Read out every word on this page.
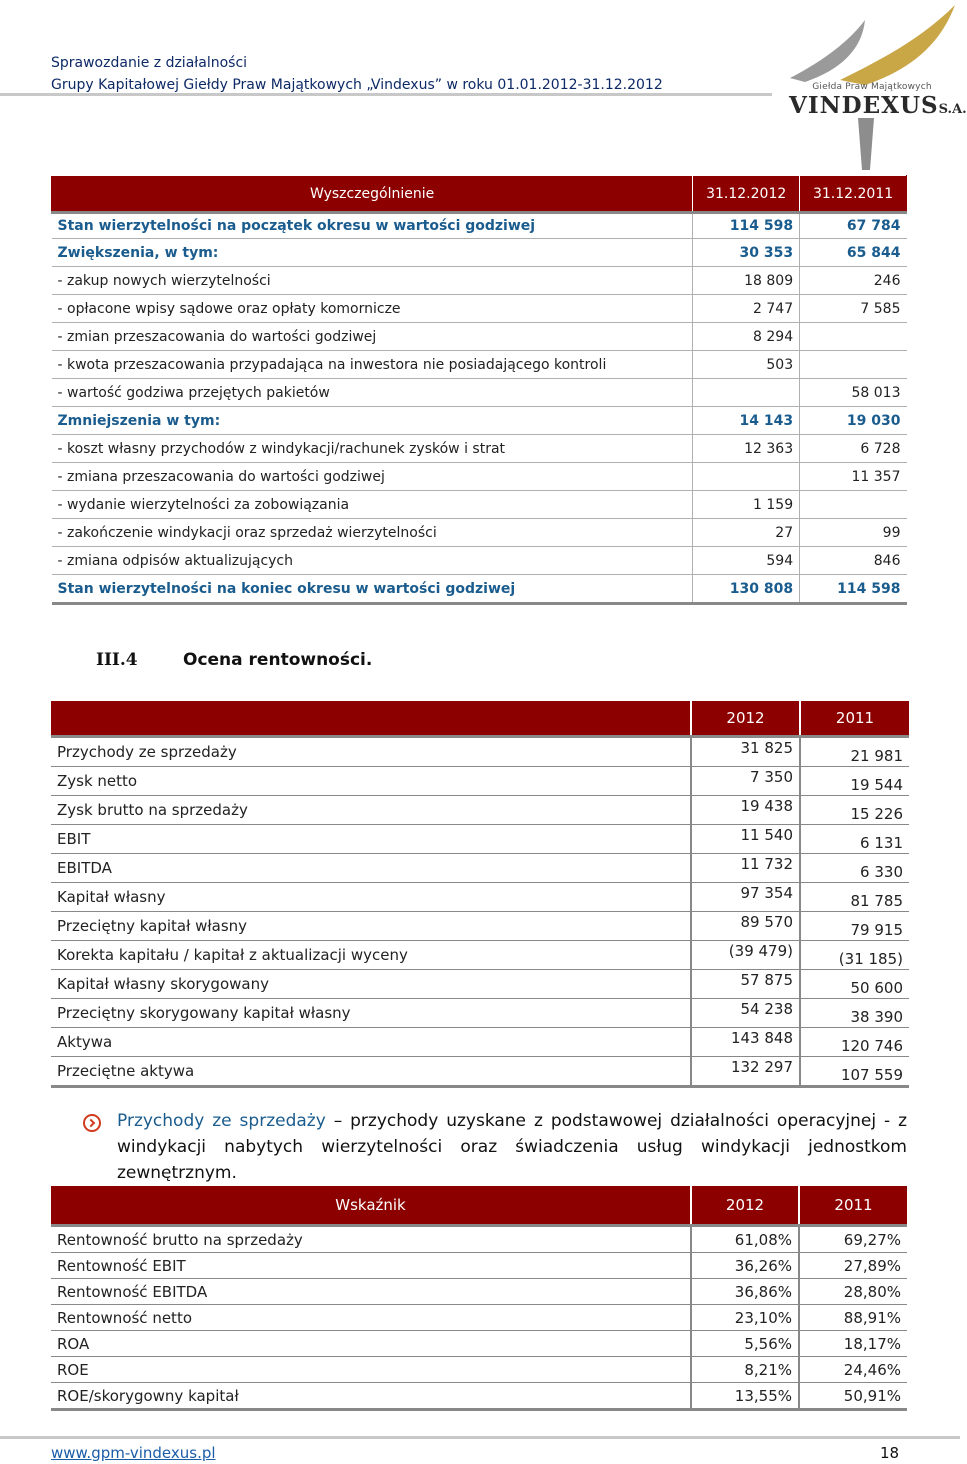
Sprawozdanie z działalności
Grupy Kapitałowej Giełdy Praw Majątkowych „Vindexus” w roku 01.01.2012-31.12.2012	Giełda Praw Majątkowych
VINDEXUSS.A.
Wyszczególnienie	31.12.2012	31.12.2011
Stan wierzytelności na początek okresu w wartości godziwej	114 598	67 784
Zwiększenia, w tym:	30 353	65 844
- zakup nowych wierzytelności	18 809	246
- opłacone wpisy sądowe oraz opłaty komornicze	2 747	7 585
- zmian przeszacowania do wartości godziwej	8 294	
- kwota przeszacowania przypadająca na inwestora nie posiadającego kontroli	503	
- wartość godziwa przejętych pakietów		58 013
Zmniejszenia w tym:	14 143	19 030
- koszt własny przychodów z windykacji/rachunek zysków i strat	12 363	6 728
- zmiana przeszacowania do wartości godziwej		11 357
- wydanie wierzytelności za zobowiązania	1 159	
- zakończenie windykacji oraz sprzedaż wierzytelności	27	99
- zmiana odpisów aktualizujących	594	846
Stan wierzytelności na koniec okresu w wartości godziwej	130 808	114 598
III.4	Ocena rentowności.
	2012	2011
Przychody ze sprzedaży	31 825	21 981
Zysk netto	7 350	19 544
Zysk brutto na sprzedaży	19 438	15 226
EBIT	11 540	6 131
EBITDA	11 732	6 330
Kapitał własny	97 354	81 785
Przeciętny kapitał własny	89 570	79 915
Korekta kapitału / kapitał z aktualizacji wyceny	(39 479)	(31 185)
Kapitał własny skorygowany	57 875	50 600
Przeciętny skorygowany kapitał własny	54 238	38 390
Aktywa	143 848	120 746
Przeciętne aktywa	132 297	107 559
Przychody ze sprzedaży – przychody uzyskane z podstawowej działalności operacyjnej - z windykacji nabytych wierzytelności oraz świadczenia usług windykacji jednostkom zewnętrznym.
Wskaźnik	2012	2011
Rentowność brutto na sprzedaży	61,08%	69,27%
Rentowność EBIT	36,26%	27,89%
Rentowność EBITDA	36,86%	28,80%
Rentowność netto	23,10%	88,91%
ROA	5,56%	18,17%
ROE	8,21%	24,46%
ROE/skorygowny kapitał	13,55%	50,91%
www.gpm-vindexus.pl	18
